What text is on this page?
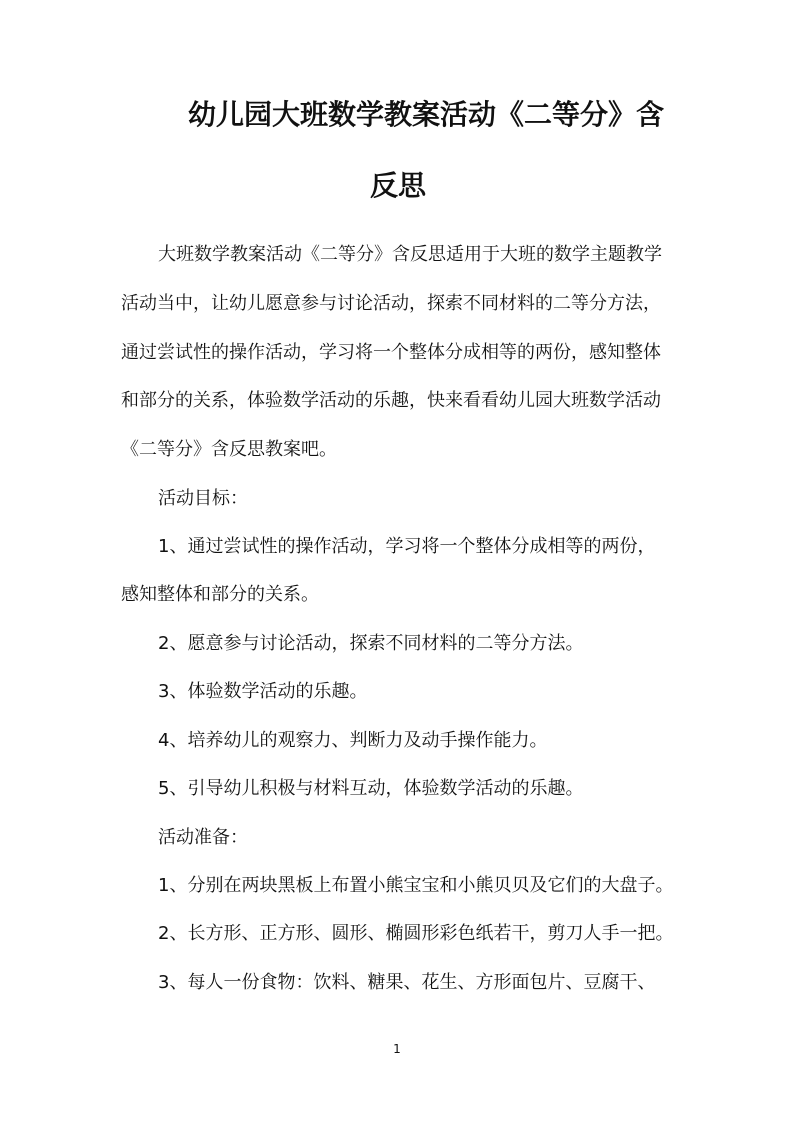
幼儿园大班数学教案活动《二等分》含
反思

大班数学教案活动《二等分》含反思适用于大班的数学主题教学

活动当中，让幼儿愿意参与讨论活动，探索不同材料的二等分方法，

通过尝试性的操作活动，学习将一个整体分成相等的两份，感知整体

和部分的关系，体验数学活动的乐趣，快来看看幼儿园大班数学活动

《二等分》含反思教案吧。

活动目标：

1、通过尝试性的操作活动，学习将一个整体分成相等的两份，

感知整体和部分的关系。

2、愿意参与讨论活动，探索不同材料的二等分方法。

3、体验数学活动的乐趣。

4、培养幼儿的观察力、判断力及动手操作能力。

5、引导幼儿积极与材料互动，体验数学活动的乐趣。

活动准备：

1、分别在两块黑板上布置小熊宝宝和小熊贝贝及它们的大盘子。

2、长方形、正方形、圆形、椭圆形彩色纸若干，剪刀人手一把。

3、每人一份食物：饮料、糖果、花生、方形面包片、豆腐干、

1
